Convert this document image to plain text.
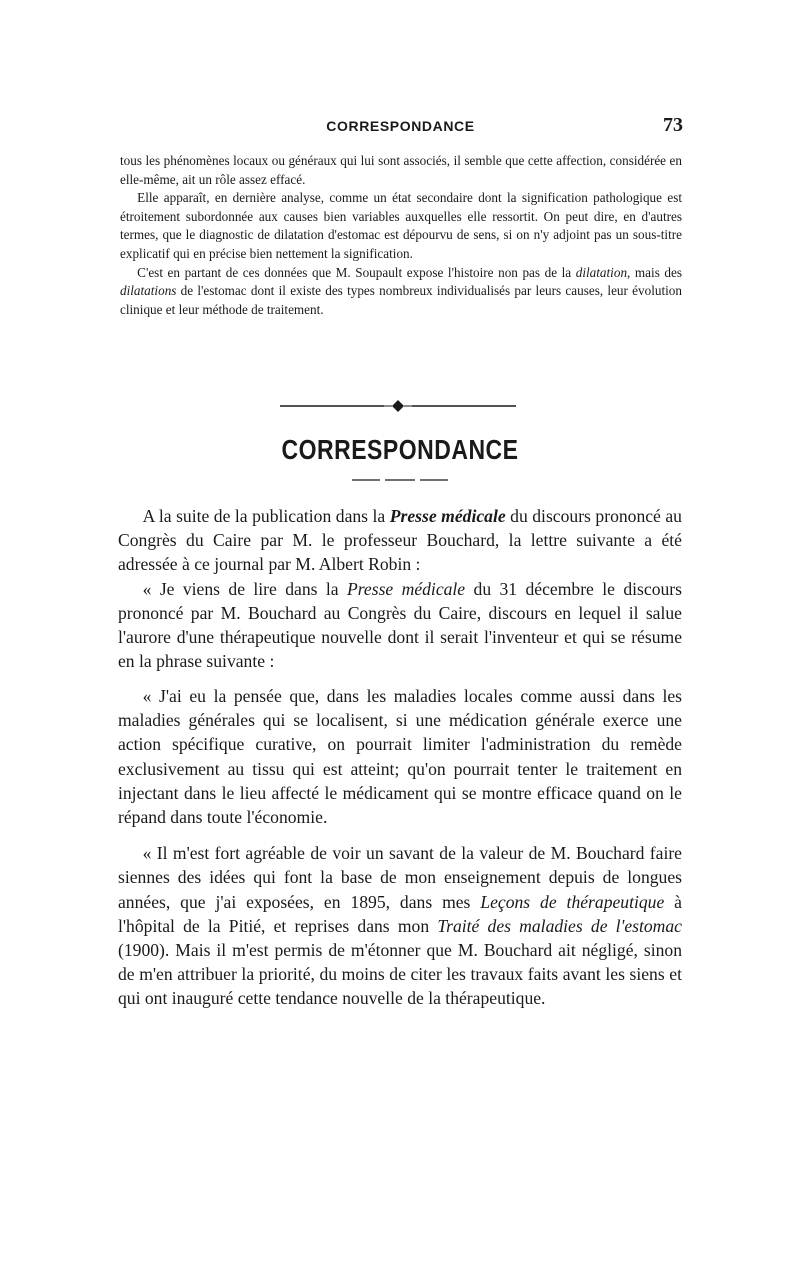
CORRESPONDANCE	73

tous les phénomènes locaux ou généraux qui lui sont associés, il semble que cette affection, considérée en elle-même, ait un rôle assez effacé.

Elle apparaît, en dernière analyse, comme un état secondaire dont la signification pathologique est étroitement subordonnée aux causes bien variables auxquelles elle ressortit. On peut dire, en d'autres termes, que le diagnostic de dilatation d'estomac est dépourvu de sens, si on n'y adjoint pas un sous-titre explicatif qui en précise bien nettement la signification.

C'est en partant de ces données que M. Soupault expose l'histoire non pas de la dilatation, mais des dilatations de l'estomac dont il existe des types nombreux individualisés par leurs causes, leur évolution clinique et leur méthode de traitement.

CORRESPONDANCE

A la suite de la publication dans la Presse médicale du discours prononcé au Congrès du Caire par M. le professeur Bouchard, la lettre suivante a été adressée à ce journal par M. Albert Robin :

« Je viens de lire dans la Presse médicale du 31 décembre le discours prononcé par M. Bouchard au Congrès du Caire, discours en lequel il salue l'aurore d'une thérapeutique nouvelle dont il serait l'inventeur et qui se résume en la phrase suivante :

« J'ai eu la pensée que, dans les maladies locales comme aussi dans les maladies générales qui se localisent, si une médication générale exerce une action spécifique curative, on pourrait limiter l'administration du remède exclusivement au tissu qui est atteint; qu'on pourrait tenter le traitement en injectant dans le lieu affecté le médicament qui se montre efficace quand on le répand dans toute l'économie.

« Il m'est fort agréable de voir un savant de la valeur de M. Bouchard faire siennes des idées qui font la base de mon enseignement depuis de longues années, que j'ai exposées, en 1895, dans mes Leçons de thérapeutique à l'hôpital de la Pitié, et reprises dans mon Traité des maladies de l'estomac (1900). Mais il m'est permis de m'étonner que M. Bouchard ait négligé, sinon de m'en attribuer la priorité, du moins de citer les travaux faits avant les siens et qui ont inauguré cette tendance nouvelle de la thérapeutique.
